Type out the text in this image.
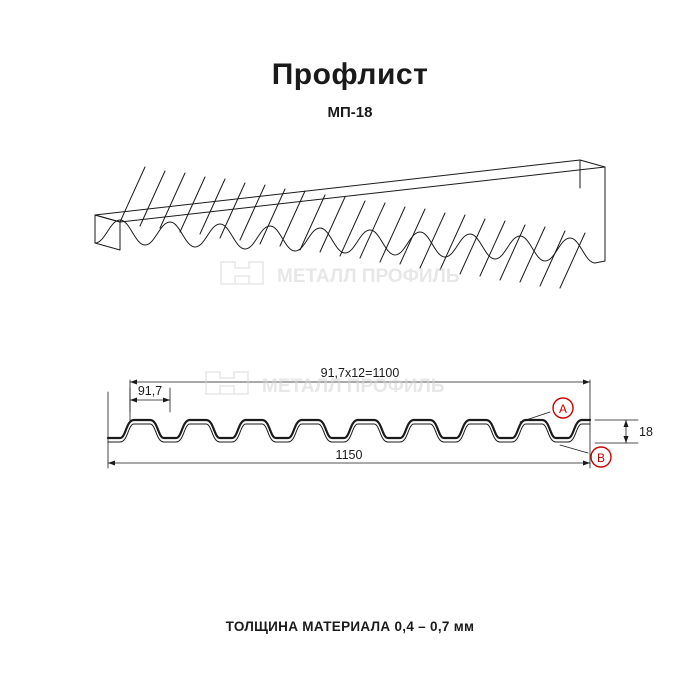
Профлист
МП-18
A
B
91,7х12=1100
91,7
1150
18
МЕТАЛЛ ПРОФИЛЬ
МЕТАЛЛ ПРОФИЛЬ
ТОЛЩИНА МАТЕРИАЛА 0,4 – 0,7 мм
